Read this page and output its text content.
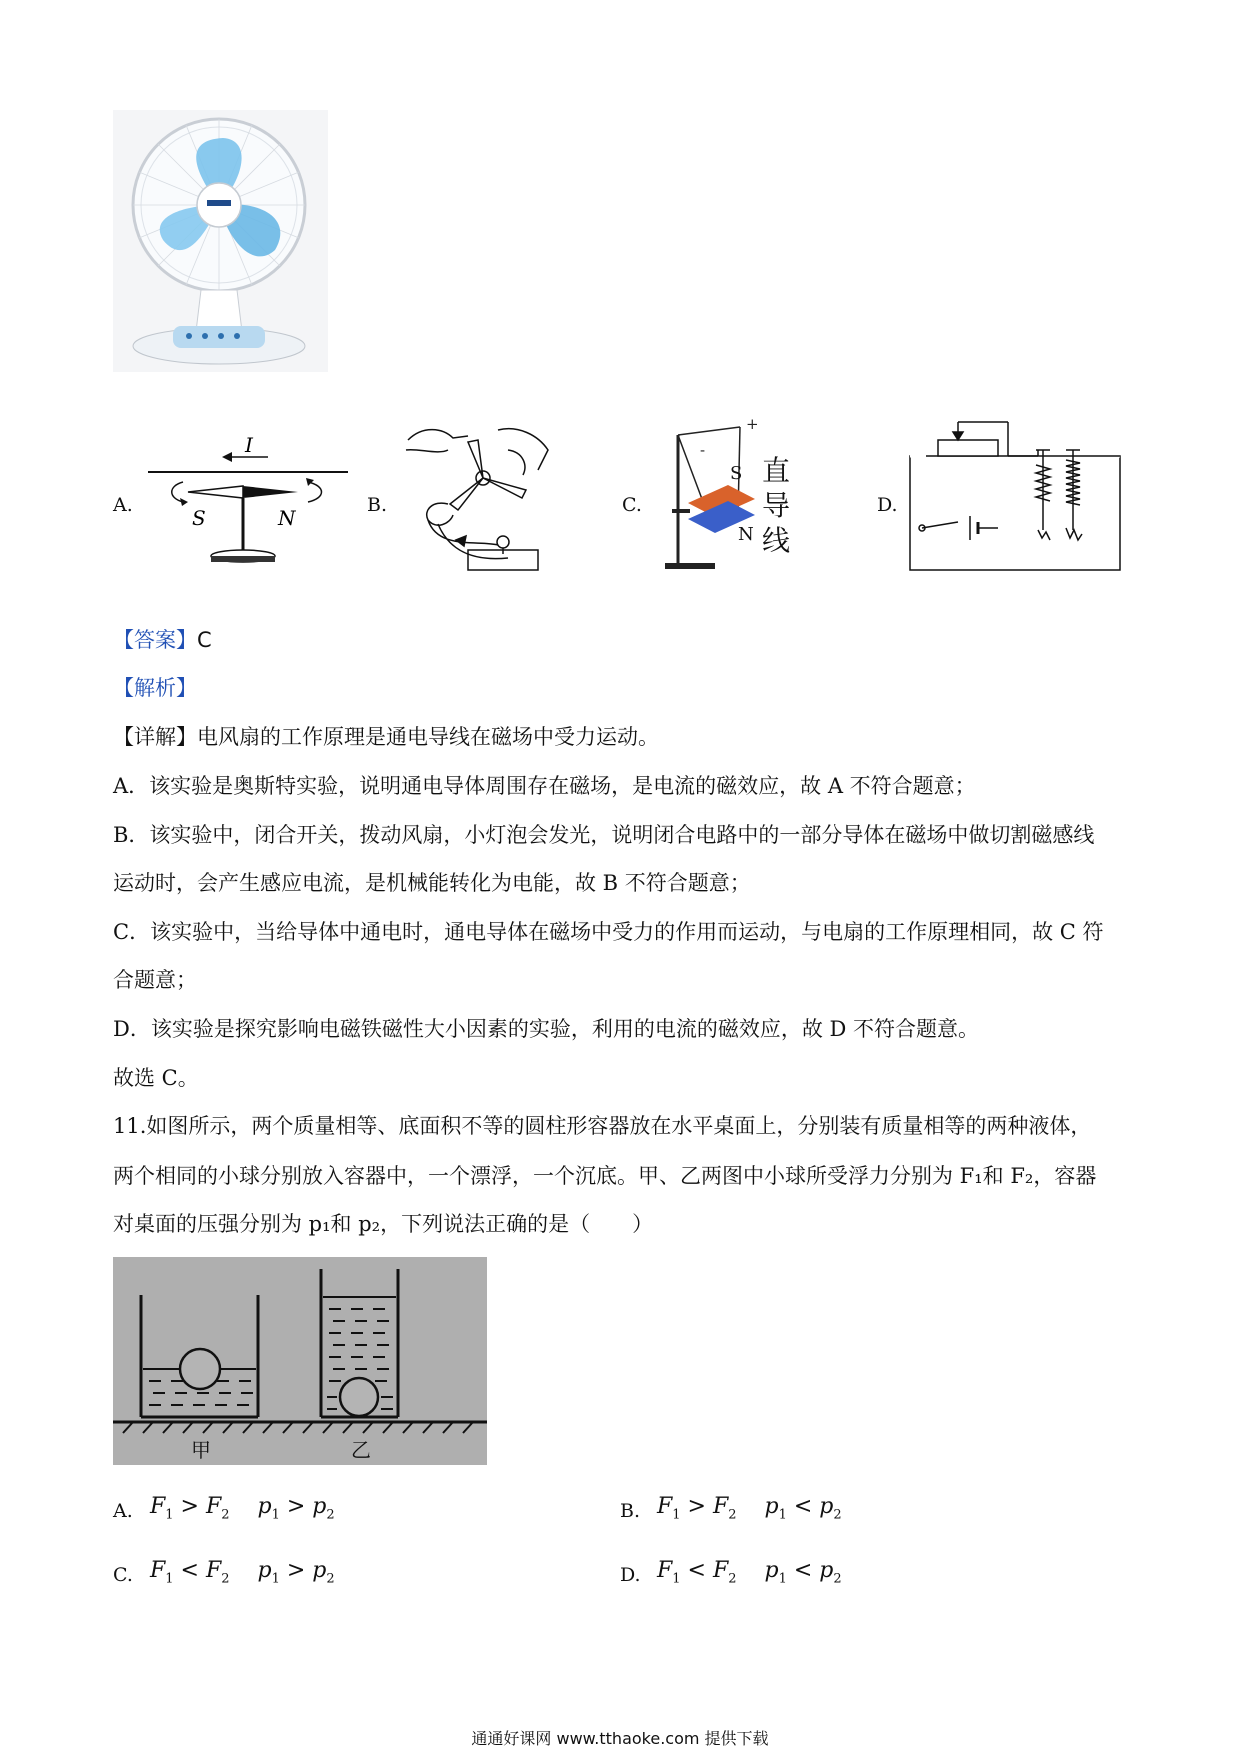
A.	B.	C.	D.
I
S	N
+
-
S
N
直导线
【答案】C
【解析】
【详解】电风扇的工作原理是通电导线在磁场中受力运动。
A．该实验是奥斯特实验，说明通电导体周围存在磁场，是电流的磁效应，故 A 不符合题意；
B．该实验中，闭合开关，拨动风扇，小灯泡会发光，说明闭合电路中的一部分导体在磁场中做切割磁感线
运动时，会产生感应电流，是机械能转化为电能，故 B 不符合题意；
C．该实验中，当给导体中通电时，通电导体在磁场中受力的作用而运动，与电扇的工作原理相同，故 C 符
合题意；
D．该实验是探究影响电磁铁磁性大小因素的实验，利用的电流的磁效应，故 D 不符合题意。
故选 C。
11.如图所示，两个质量相等、底面积不等的圆柱形容器放在水平桌面上，分别装有质量相等的两种液体，
两个相同的小球分别放入容器中，一个漂浮，一个沉底。甲、乙两图中小球所受浮力分别为 F₁和 F₂，容器
对桌面的压强分别为 p₁和 p₂，下列说法正确的是（　　）
甲	乙
A. $F_1 > F_2$    $p_1 > p_2$	B. $F_1 > F_2$    $p_1 < p_2$
C. $F_1 < F_2$    $p_1 > p_2$	D. $F_1 < F_2$    $p_1 < p_2$
通通好课网 www.tthaoke.com 提供下载
